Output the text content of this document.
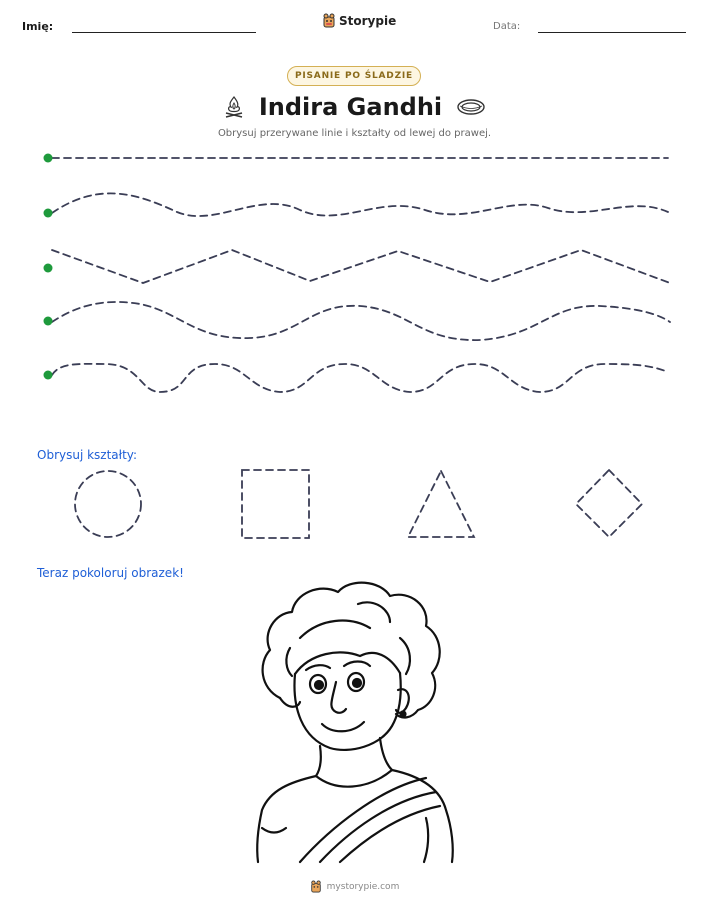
Imię:	Storypie	Data:
PISANIE PO ŚLADZIE
Indira Gandhi
Obrysuj przerywane linie i kształty od lewej do prawej.
Obrysuj kształty:
Teraz pokoloruj obrazek!
mystorypie.com
